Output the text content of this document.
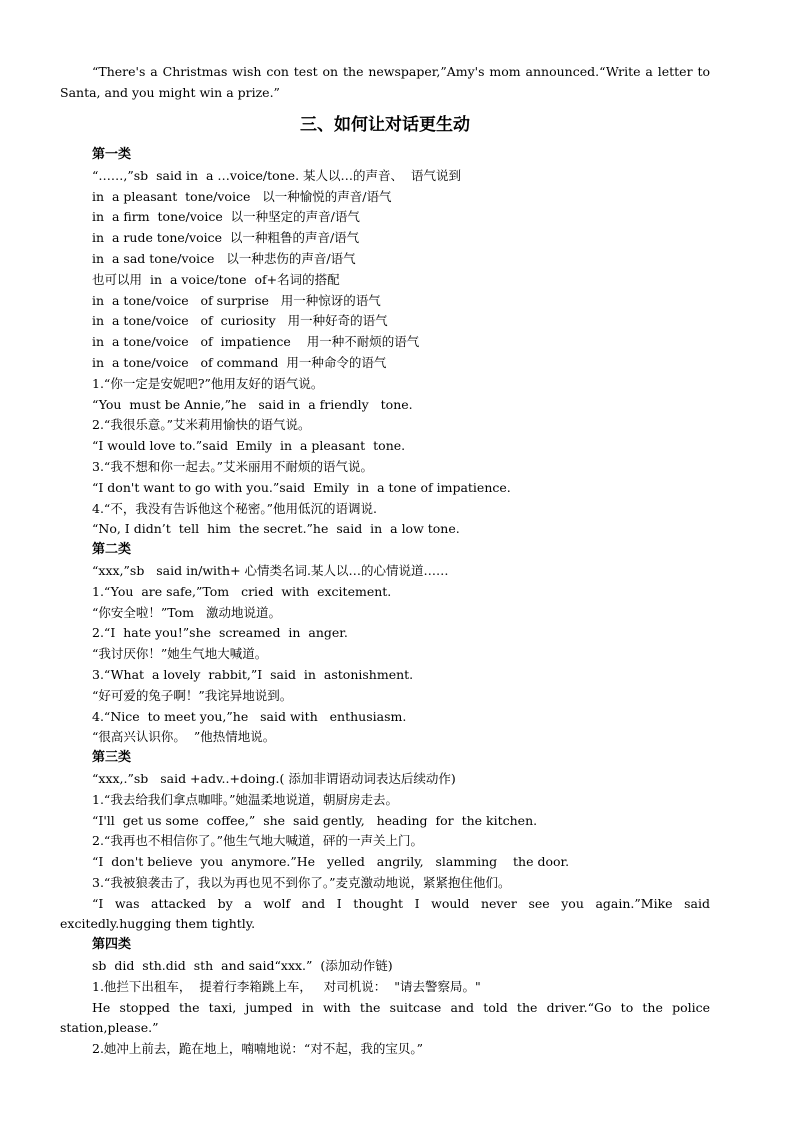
“There's a Christmas wish con test on the newspaper,”Amy's mom announced.“Write a letter to Santa, and you might win a prize.”

三、如何让对话更生动
第一类
“……,”sb  said in  a …voice/tone. 某人以…的声音、  语气说到
in  a pleasant  tone/voice   以一种愉悦的声音/语气
in  a firm  tone/voice  以一种坚定的声音/语气
in  a rude tone/voice  以一种粗鲁的声音/语气
in  a sad tone/voice   以一种悲伤的声音/语气
也可以用  in  a voice/tone  of+名词的搭配
in  a tone/voice   of surprise   用一种惊讶的语气
in  a tone/voice   of  curiosity   用一种好奇的语气
in  a tone/voice   of  impatience    用一种不耐烦的语气
in  a tone/voice   of command  用一种命令的语气
1.“你一定是安妮吧?”他用友好的语气说。
“You  must be Annie,”he   said in  a friendly   tone.
2.“我很乐意。”艾米莉用愉快的语气说。
“I would love to.”said  Emily  in  a pleasant  tone.
3.“我不想和你一起去。”艾米丽用不耐烦的语气说。
“I don't want to go with you.”said  Emily  in  a tone of impatience.
4.“不，我没有告诉他这个秘密。”他用低沉的语调说.
“No, I didn’t  tell  him  the secret.”he  said  in  a low tone.
第二类
“xxx,”sb   said in/with+ 心情类名词.某人以…的心情说道……
1.“You  are safe,”Tom   cried  with  excitement.
“你安全啦！”Tom   激动地说道。
2.“I  hate you!”she  screamed  in  anger.
“我讨厌你！”她生气地大喊道。
3.“What  a lovely  rabbit,”I  said  in  astonishment.
“好可爱的兔子啊！”我诧异地说到。
4.“Nice  to meet you,”he   said with   enthusiasm.
“很高兴认识你。  ”他热情地说。
第三类
“xxx,.”sb   said +adv..+doing.( 添加非谓语动词表达后续动作)
1.“我去给我们拿点咖啡。”她温柔地说道，朝厨房走去。
“I'll  get us some  coffee,”  she  said gently,   heading  for  the kitchen.
2.“我再也不相信你了。”他生气地大喊道，砰的一声关上门。
“I  don't believe  you  anymore.”He   yelled   angrily,   slamming    the door.
3.“我被狼袭击了，我以为再也见不到你了。”麦克激动地说，紧紧抱住他们。

“I was attacked by a wolf and I thought I would never see you again.”Mike said excitedly.hugging them tightly.

第四类
sb  did  sth.did  sth  and said“xxx.”  (添加动作链)
1.他拦下出租车，  提着行李箱跳上车，   对司机说：  "请去警察局。"

He stopped the taxi, jumped in with the suitcase and told the driver.“Go to the police station,please.”

2.她冲上前去，跪在地上，喃喃地说：“对不起，我的宝贝。”
